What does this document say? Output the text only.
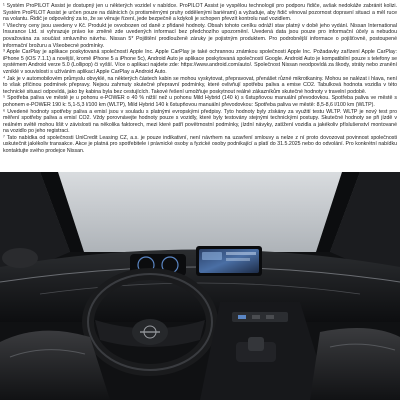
¹ Systém ProPILOT Assist je dostupný jen u některých vozidel v nabídce. ProPILOT Assist je vyspělou technologií pro podporu řidiče, avšak nedokáže zabránit kolizi. Systém ProPILOT Assist je určen pouze na dálnicích (s protisměrnými pruhy oddělenými bariérami) a vyžaduje, aby řidič věnoval pozornost dopravní situaci a měl ruce na volantu. Řidič je odpovědný za to, že se věnuje řízení, jede bezpečně a kdykoli je schopen převzít kontrolu nad vozidlem.

² Všechny ceny jsou uvedeny v Kč. Produkt je ovvobozen od daně z přidané hodnoty. Obsah tohoto cenîku odráží stav platný v době jeho vydání. Nissan International Insurance Ltd. si vyhrazuje právo ke změně zde uvedených informací bez předchozího upozornění. Uvedená data jsou pouze pro informační účely a nebudou považována za součást smluvního návrhu. Nissan 5* Pojištění prodlouženě záruky je pojistným produktem. Pro podrobnější informace o pojišťovně, postoupené informační brožuru a Všeobecné podmínky.

³ Apple CarPlay je aplikace poskytovaná společností Apple Inc. Apple CarPlay je také ochrannou známkou společnosti Apple Inc. Požadavky zařízení Apple CarPlay: iPhone 5 (iOS 7.1.1) a novější, kromě iPhone 5 a iPhone 5c), Android Auto je aplikace poskytovaná společností Google. Android Auto je kompatibilní pouze s telefony se systémem Android verze 5.0 (Lollipop) či vyšší. Více o aplikaci najdete zde: https://www.android.com/auto/. Společnost Nissan neodpovídá za škody, stráty nebo zranění vzniklé v souvislosti s užíváním aplikací Apple CarPlay a Android Auto.

⁴ Jak je v automobilovém průmyslu obvyklé, na některých částech kabin se mohou vyskytovat, přepravovat, přenášet různé mikrotkaniny. Mohou se nalézat i hlava, není to však příčinou podmínek přepravy. Nejsou zahrnuty skutečné přepravní podmínky, které ovlivňují spotřebu paliva a emise CO2. Tabulková hodnota vozidla v této technické situaci odpovídá, jako by kabina byla bez cestujících. Takové řešení umožňuje poskytnout reálné zákazníkům skutečné hodnoty v travelní podobě.

⁵ Spotřeba paliva ve městě je u pohonu e-POWER o 40 % nižší než u pohonu Mild Hybrid (140 k) s 6stupňovou manuální převodovkou. Spotřeba paliva ve městě s pohonem e-POWER 190 k: 5,1-5,3 l/100 km (WLTP), Mild Hybrid 140 k 6stupňovou manuální převodovkou: Spotřeba paliva ve městě: 8,5-8,6 l/100 km (WLTP).

⁶ Uvedené hodnoty spotřeby paliva a emisí jsou v souladu s platnými evropskými předpisy. Tyto hodnoty byly získány za využití testu WLTP. WLTP je nový test pro měření spotřeby paliva a emisí CO2. Vždy porovnávejte hodnoty pouze s vozidly, které byly testovány stejnými technickými postupy. Skutečné hodnoty se při jízdě v reálném světě mohou lišit v závislosti na několika faktorech, mezi které patří povětrnostní podmínky, jízdní návyky, zatížení vozidla a jakékoliv příslušenství montované na vozidlo po jeho registraci.

⁷ Tato nabídka od společnosti UniCredit Leasing CZ, a.s. je pouze indikativní, není návrhem na uzavření smlouvy a nelze z ní proto dovozovat povinnost společnosti uskutečnit jakékoliv transakce. Akce je platná pro spotřebitele i právnické osoby a fyzické osoby podnikající a platí do 31.5.2025 nebo do odvolání. Pro konkrétní nabídku kontaktujte svého prodejce Nissan.
